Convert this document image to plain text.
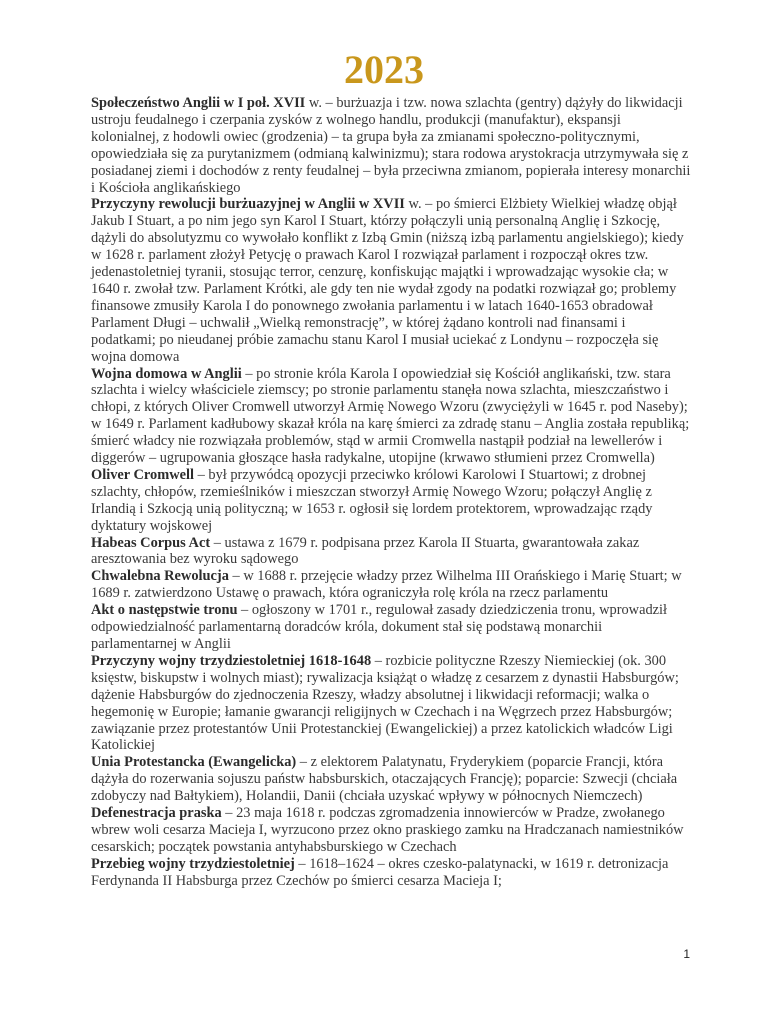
2023

Społeczeństwo Anglii w I poł. XVII w. – burżuazja i tzw. nowa szlachta (gentry) dążyły do likwidacji ustroju feudalnego i czerpania zysków z wolnego handlu, produkcji (manufaktur), ekspansji kolonialnej, z hodowli owiec (grodzenia) – ta grupa była za zmianami społeczno-politycznymi, opowiedziała się za purytanizmem (odmianą kalwinizmu); stara rodowa arystokracja utrzymywała się z posiadanej ziemi i dochodów z renty feudalnej – była przeciwna zmianom, popierała interesy monarchii i Kościoła anglikańskiego

Przyczyny rewolucji burżuazyjnej w Anglii w XVII w. – po śmierci Elżbiety Wielkiej władzę objął Jakub I Stuart, a po nim jego syn Karol I Stuart, którzy połączyli unią personalną Anglię i Szkocję, dążyli do absolutyzmu co wywołało konflikt z Izbą Gmin (niższą izbą parlamentu angielskiego); kiedy w 1628 r. parlament złożył Petycję o prawach Karol I rozwiązał parlament i rozpoczął okres tzw. jedenastoletniej tyranii, stosując terror, cenzurę, konfiskując majątki i wprowadzając wysokie cła; w 1640 r. zwołał tzw. Parlament Krótki, ale gdy ten nie wydał zgody na podatki rozwiązał go; problemy finansowe zmusiły Karola I do ponownego zwołania parlamentu i w latach 1640-1653 obradował Parlament Długi – uchwalił „Wielką remonstrację”, w której żądano kontroli nad finansami i podatkami; po nieudanej próbie zamachu stanu Karol I musiał uciekać z Londynu – rozpoczęła się wojna domowa

Wojna domowa w Anglii – po stronie króla Karola I opowiedział się Kościół anglikański, tzw. stara szlachta i wielcy właściciele ziemscy; po stronie parlamentu stanęła nowa szlachta, mieszczaństwo i chłopi, z których Oliver Cromwell utworzył Armię Nowego Wzoru (zwyciężyli w 1645 r. pod Naseby); w 1649 r. Parlament kadłubowy skazał króla na karę śmierci za zdradę stanu – Anglia została republiką; śmierć władcy nie rozwiązała problemów, stąd w armii Cromwella nastąpił podział na lewellerów i diggerów – ugrupowania głoszące hasła radykalne, utopijne (krwawo stłumieni przez Cromwella)

Oliver Cromwell – był przywódcą opozycji przeciwko królowi Karolowi I Stuartowi; z drobnej szlachty, chłopów, rzemieślników i mieszczan stworzył Armię Nowego Wzoru; połączył Anglię z Irlandią i Szkocją unią polityczną; w 1653 r. ogłosił się lordem protektorem, wprowadzając rządy dyktatury wojskowej

Habeas Corpus Act – ustawa z 1679 r. podpisana przez Karola II Stuarta, gwarantowała zakaz aresztowania bez wyroku sądowego

Chwalebna Rewolucja – w 1688 r. przejęcie władzy przez Wilhelma III Orańskiego i Marię Stuart; w 1689 r. zatwierdzono Ustawę o prawach, która ograniczyła rolę króla na rzecz parlamentu

Akt o następstwie tronu – ogłoszony w 1701 r., regulował zasady dziedziczenia tronu, wprowadził odpowiedzialność parlamentarną doradców króla, dokument stał się podstawą monarchii parlamentarnej w Anglii

Przyczyny wojny trzydziestoletniej 1618-1648 – rozbicie polityczne Rzeszy Niemieckiej (ok. 300 księstw, biskupstw i wolnych miast); rywalizacja książąt o władzę z cesarzem z dynastii Habsburgów; dążenie Habsburgów do zjednoczenia Rzeszy, władzy absolutnej i likwidacji reformacji; walka o hegemonię w Europie; łamanie gwarancji religijnych w Czechach i na Węgrzech przez Habsburgów; zawiązanie przez protestantów Unii Protestanckiej (Ewangelickiej) a przez katolickich władców Ligi Katolickiej

Unia Protestancka (Ewangelicka) – z elektorem Palatynatu, Fryderykiem (poparcie Francji, która dążyła do rozerwania sojuszu państw habsburskich, otaczających Francję); poparcie: Szwecji (chciała zdobyczy nad Bałtykiem), Holandii, Danii (chciała uzyskać wpływy w północnych Niemczech)

Defenestracja praska – 23 maja 1618 r. podczas zgromadzenia innowierców w Pradze, zwołanego wbrew woli cesarza Macieja I, wyrzucono przez okno praskiego zamku na Hradczanach namiestników cesarskich; początek powstania antyhabsburskiego w Czechach

Przebieg wojny trzydziestoletniej – 1618–1624 – okres czesko-palatynacki, w 1619 r. detronizacja Ferdynanda II Habsburga przez Czechów po śmierci cesarza Macieja I;

1
